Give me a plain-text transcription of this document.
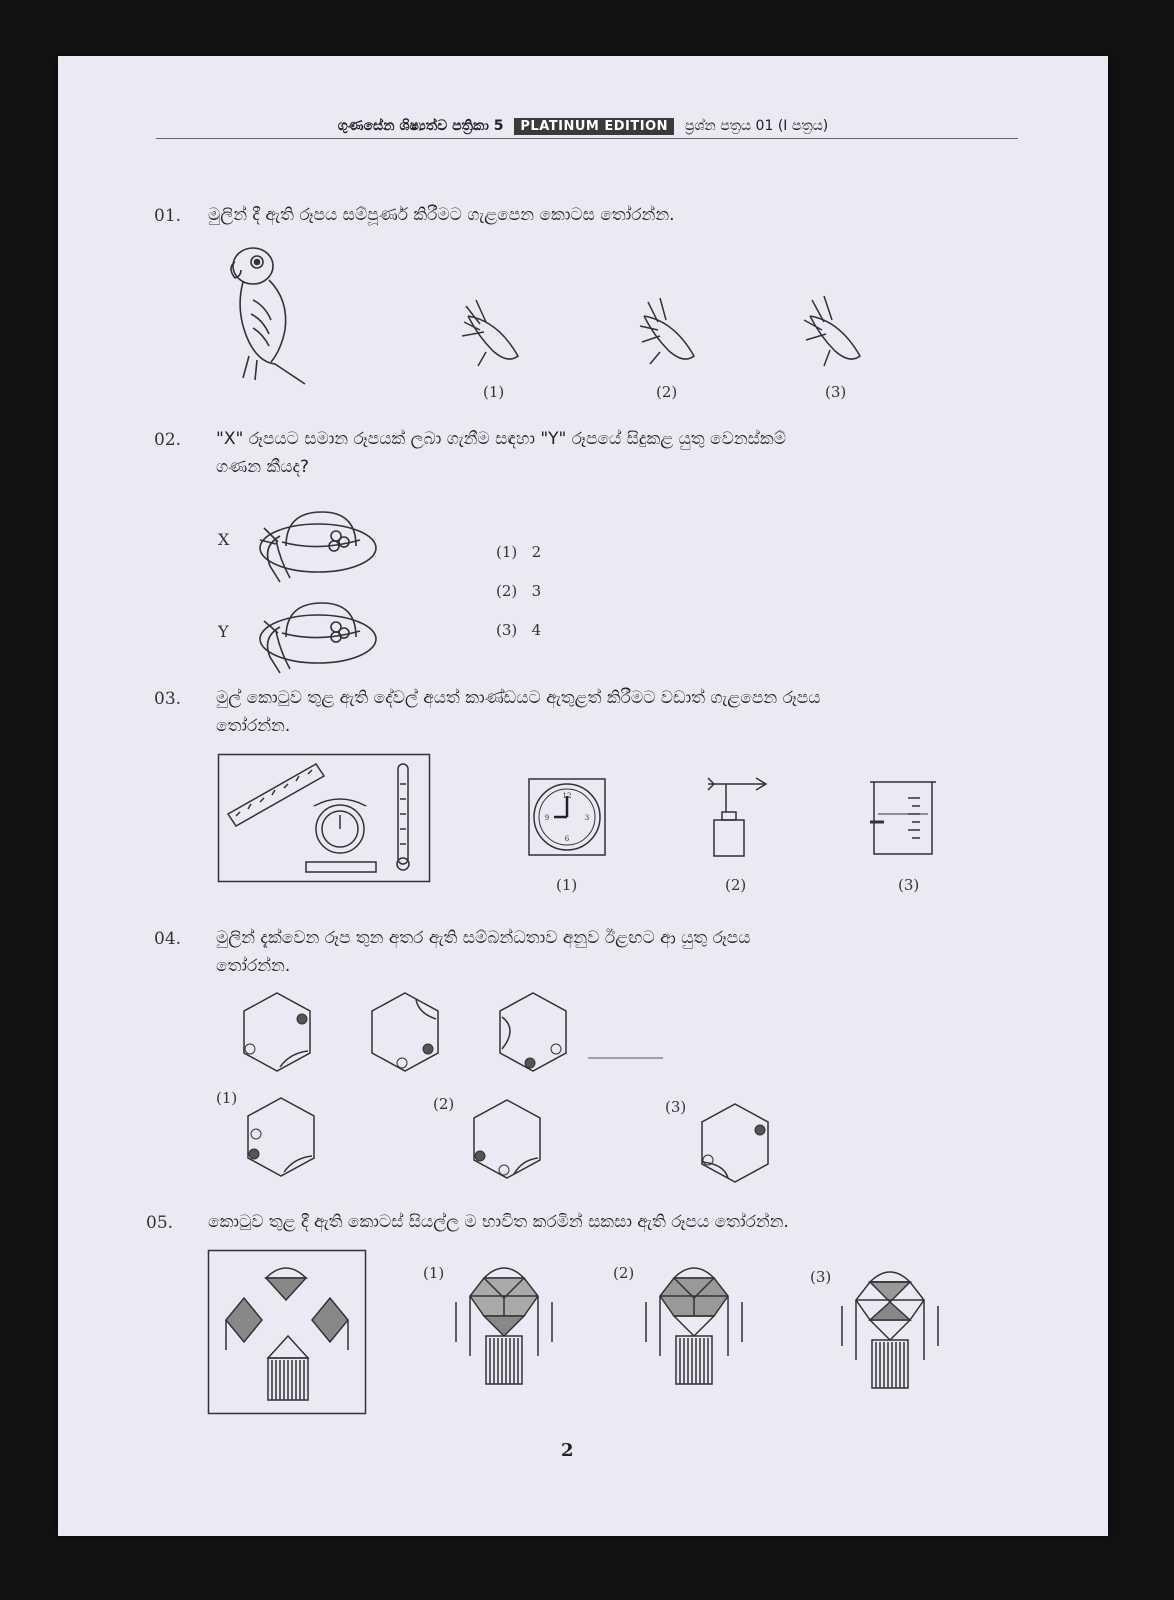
ගුණසේන ශිෂ්‍යත්ව පත්‍රිකා 5 PLATINUM EDITION ප්‍රශ්න පත්‍රය 01 (I පත්‍රය)
01. මුලින් දී ඇති රූපය සම්පූර්ණ කිරීමට ගැළපෙන කොටස තෝරන්න.
(1)	(2)	(3)
02. "X" රූපයට සමාන රූපයක් ලබා ගැනීම සඳහා "Y" රූපයේ සිදුකළ යුතු වෙනස්කම්
ගණන කීයද?
X
Y
(1) 2
(2) 3
(3) 4
03. මුල් කොටුව තුළ ඇති දේවල් අයත් කාණ්ඩයට ඇතුළත් කිරීමට වඩාත් ගැළපෙන රූපය
තෝරන්න.
12
3
6
9
(1)	(2)	(3)
04. මුලින් දැක්වෙන රූප තුන අතර ඇති සම්බන්ධතාව අනුව ඊළඟට ආ යුතු රූපය
තෝරන්න.
(1)	(2)	(3)
05. කොටුව තුළ දී ඇති කොටස් සියල්ල ම භාවිත කරමින් සකසා ඇති රූපය තෝරන්න.
(1)	(2)	(3)
2
